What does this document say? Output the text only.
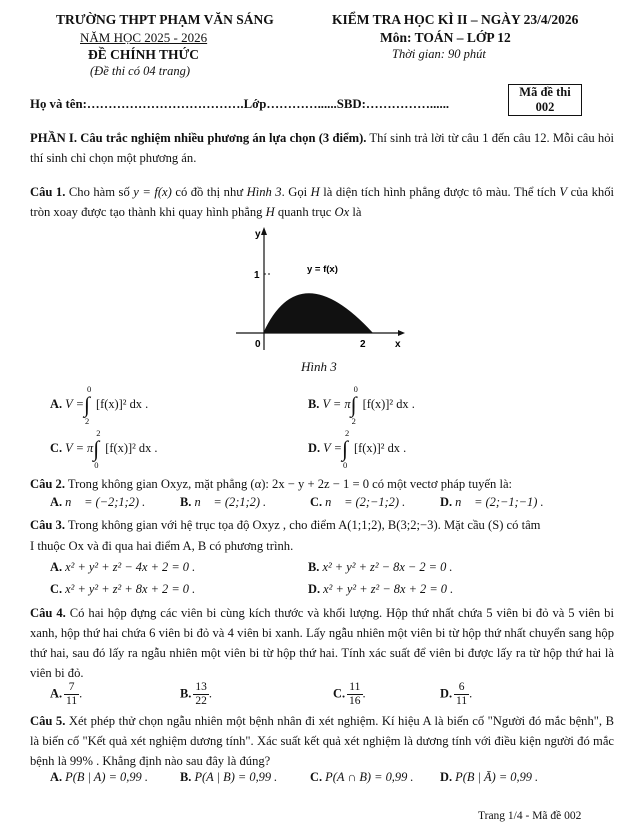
TRƯỜNG THPT PHẠM VĂN SÁNG
NĂM HỌC 2025 - 2026
ĐỀ CHÍNH THỨC
(Đề thi có 04 trang)
KIỂM TRA HỌC KÌ II – NGÀY 23/4/2026
Môn: TOÁN – LỚP 12
Thời gian: 90 phút
Mã đề thi
002
Họ và tên:……………………………….Lớp…………......SBD:……………......
PHẦN I. Câu trắc nghiệm nhiều phương án lựa chọn (3 điểm). Thí sinh trả lời từ câu 1 đến câu 12. Mỗi câu hỏi thí sinh chỉ chọn một phương án.
Câu 1. Cho hàm số y = f(x) có đồ thị như Hình 3. Gọi H là diện tích hình phẳng được tô màu. Thể tích V của khối tròn xoay được tạo thành khi quay hình phẳng H quanh trục Ox là
y
x
1
2
0
y = f(x)
Hình 3
A. V = ∫
0
2
[f(x)]² dx .	B. V = π ∫
0
2
[f(x)]² dx .
C. V = π ∫
2
0
[f(x)]² dx .	D. V = ∫
2
0
[f(x)]² dx .
Câu 2. Trong không gian Oxyz, mặt phẳng (α): 2x − y + 2z − 1 = 0 có một vectơ pháp tuyến là:
A. n⃗ = (−2;1;2) .	B. n⃗ = (2;1;2) .	C. n⃗ = (2;−1;2) .	D. n⃗ = (2;−1;−1) .
Câu 3. Trong không gian với hệ trục tọa độ Oxyz , cho điểm A(1;1;2), B(3;2;−3). Mặt cầu (S) có tâm
I thuộc Ox và đi qua hai điểm A, B có phương trình.
A. x² + y² + z² − 4x + 2 = 0 .	B. x² + y² + z² − 8x − 2 = 0 .
C. x² + y² + z² + 8x + 2 = 0 .	D. x² + y² + z² − 8x + 2 = 0 .
Câu 4. Có hai hộp đựng các viên bi cùng kích thước và khối lượng. Hộp thứ nhất chứa 5 viên bi đỏ và 5 viên bi xanh, hộp thứ hai chứa 6 viên bi đỏ và 4 viên bi xanh. Lấy ngẫu nhiên một viên bi từ hộp thứ nhất chuyển sang hộp thứ hai, sau đó lấy ra ngẫu nhiên một viên bi từ hộp thứ hai. Tính xác suất để viên bi được lấy ra từ hộp thứ hai là viên bi đỏ.
A. $\frac{7}{11}$ .	B. $\frac{13}{22}$ .	C. $\frac{11}{16}$ .	D. $\frac{6}{11}$ .
Câu 5. Xét phép thử chọn ngẫu nhiên một bệnh nhân đi xét nghiệm. Kí hiệu A là biến cố "Người đó mắc bệnh", B là biến cố "Kết quả xét nghiệm dương tính". Xác suất kết quả xét nghiệm là dương tính với điều kiện người đó mắc bệnh là 99% . Khẳng định nào sau đây là đúng?
A. P(B | A) = 0,99 .	B. P(A | B) = 0,99 .	C. P(A ∩ B) = 0,99 . D. P(B | Ā) = 0,99 .
Trang 1/4 - Mã đề 002
